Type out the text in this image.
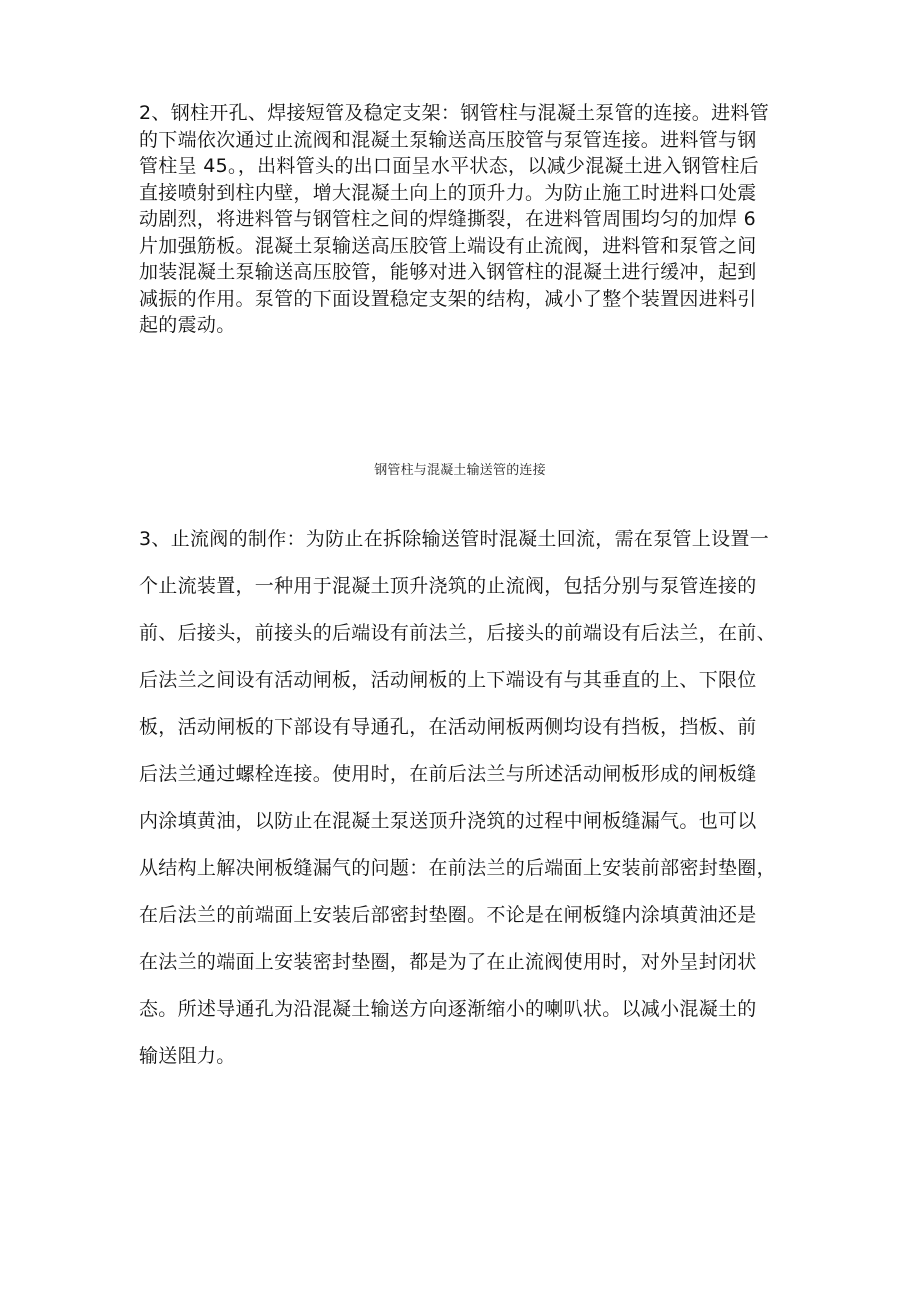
2、钢柱开孔、焊接短管及稳定支架：钢管柱与混凝土泵管的连接。进料管
的下端依次通过止流阀和混凝土泵输送高压胶管与泵管连接。进料管与钢
管柱呈 45。，出料管头的出口面呈水平状态，以减少混凝土进入钢管柱后
直接喷射到柱内壁，增大混凝土向上的顶升力。为防止施工时进料口处震
动剧烈，将进料管与钢管柱之间的焊缝撕裂，在进料管周围均匀的加焊 6
片加强筋板。混凝土泵输送高压胶管上端设有止流阀，进料管和泵管之间
加装混凝土泵输送高压胶管，能够对进入钢管柱的混凝土进行缓冲，起到
减振的作用。泵管的下面设置稳定支架的结构，减小了整个装置因进料引
起的震动。

钢管柱与混凝土输送管的连接

3、止流阀的制作：为防止在拆除输送管时混凝土回流，需在泵管上设置一
个止流装置，一种用于混凝土顶升浇筑的止流阀，包括分别与泵管连接的
前、后接头，前接头的后端设有前法兰，后接头的前端设有后法兰，在前、
后法兰之间设有活动闸板，活动闸板的上下端设有与其垂直的上、下限位
板，活动闸板的下部设有导通孔，在活动闸板两侧均设有挡板，挡板、前
后法兰通过螺栓连接。使用时，在前后法兰与所述活动闸板形成的闸板缝
内涂填黄油，以防止在混凝土泵送顶升浇筑的过程中闸板缝漏气。也可以
从结构上解决闸板缝漏气的问题：在前法兰的后端面上安装前部密封垫圈，
在后法兰的前端面上安装后部密封垫圈。不论是在闸板缝内涂填黄油还是
在法兰的端面上安装密封垫圈，都是为了在止流阀使用时，对外呈封闭状
态。所述导通孔为沿混凝土输送方向逐渐缩小的喇叭状。以减小混凝土的
输送阻力。
